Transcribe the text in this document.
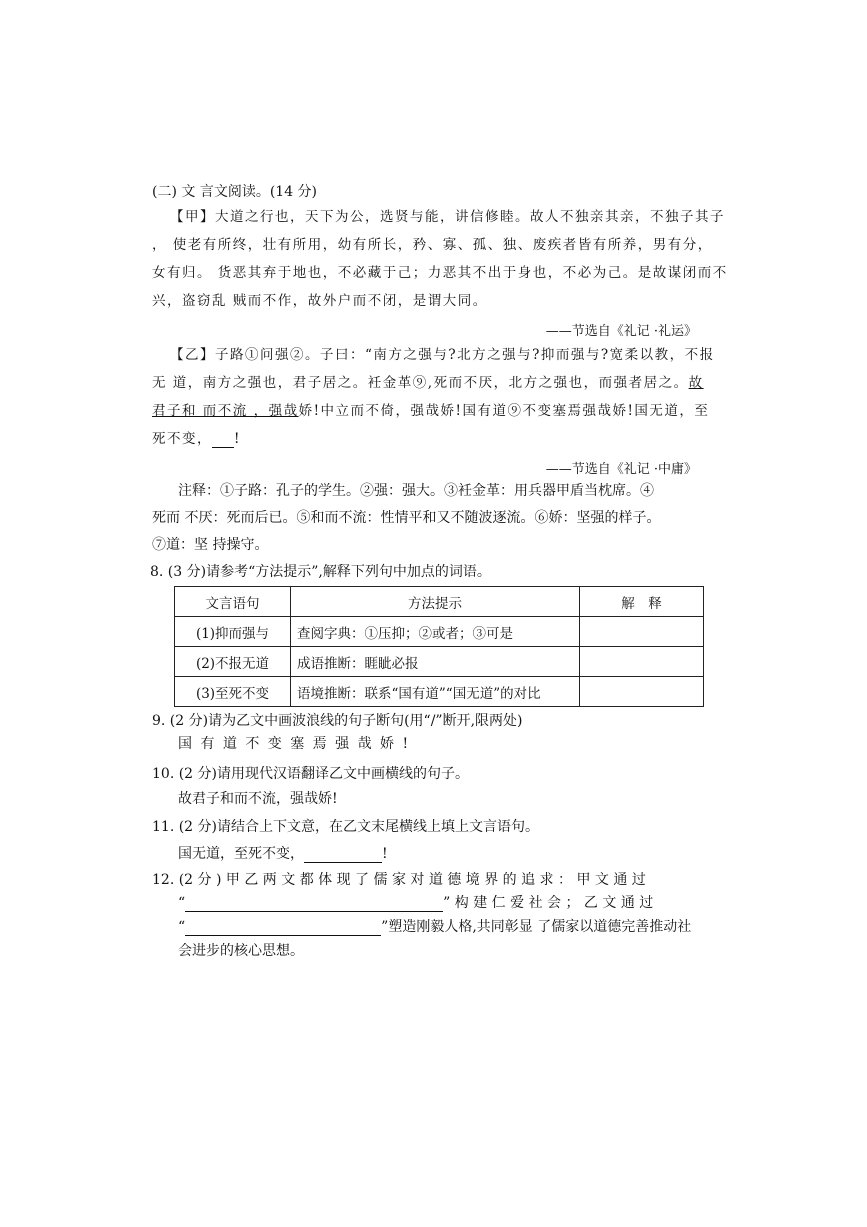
(二) 文 言文阅读。(14 分)
【甲】大道之行也，天下为公，选贤与能，讲信修睦。故人不独亲其亲，不独子其子
， 使老有所终，壮有所用，幼有所长，矜、寡、孤、独、废疾者皆有所养，男有分，
女有归。 货恶其弃于地也，不必藏于己；力恶其不出于身也，不必为己。是故谋闭而不
兴，盗窃乱 贼而不作，故外户而不闭，是谓大同。
——节选自《礼记 ·礼运》
【乙】子路①问强②。子曰：“南方之强与?北方之强与?抑而强与?宽柔以教，不报
无 道，南方之强也，君子居之。衽金革⑨,死而不厌，北方之强也，而强者居之。故
君子和 而不流 ，强哉娇!中立而不倚，强哉娇!国有道⑨不变塞焉强哉娇!国无道，至
死不变， !
——节选自《礼记 ·中庸》
注释：①子路：孔子的学生。②强：强大。③衽金革：用兵器甲盾当枕席。④
死而 不厌：死而后已。⑤和而不流：性情平和又不随波逐流。⑥娇：坚强的样子。
⑦道：坚 持操守。
8. (3 分)请参考“方法提示”,解释下列句中加点的词语。
文言语句	方法提示	解　释
(1)抑而强与	查阅字典：①压抑；②或者；③可是	
(2)不报无道	成语推断：睚眦必报	
(3)至死不变	语境推断：联系“国有道”“国无道”的对比	
9. (2 分)请为乙文中画波浪线的句子断句(用“/”断开,限两处)
国 有 道 不 变 塞 焉 强 哉 娇 !
10. (2 分)请用现代汉语翻译乙文中画横线的句子。
故君子和而不流，强哉娇!
11. (2 分)请结合上下文意，在乙文末尾横线上填上文言语句。
国无道，至死不变，	!
12. (2 分 ) 甲 乙 两 文 都 体 现 了 儒 家 对 道 德 境 界 的 追 求 ： 甲 文 通 过
“	” 构 建 仁 爱 社 会 ； 乙 文 通 过
“	”塑造刚毅人格,共同彰显 了儒家以道德完善推动社
会进步的核心思想。
